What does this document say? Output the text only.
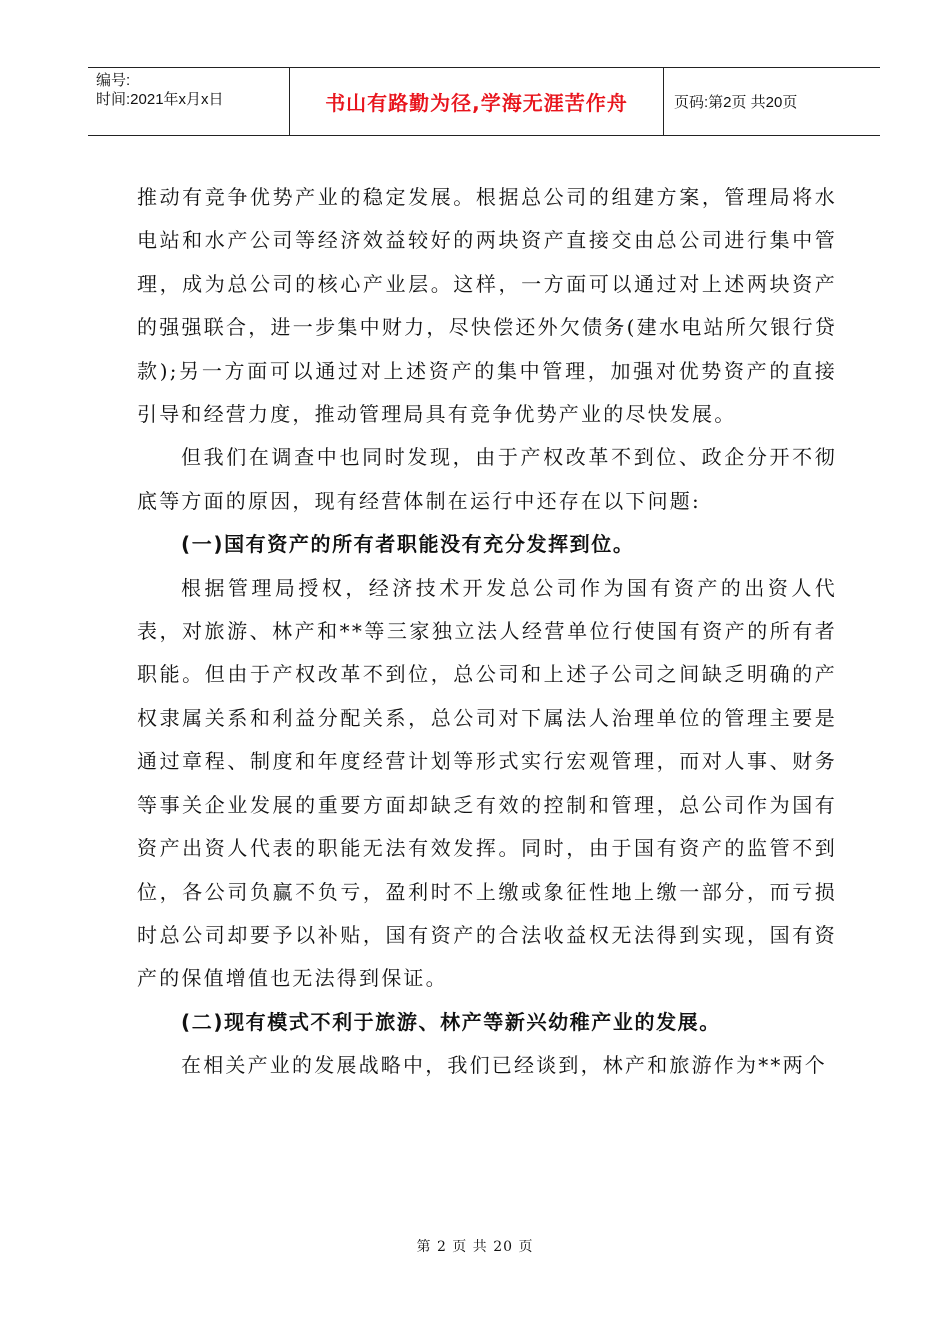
编号:
时间:2021年x月x日	书山有路勤为径,学海无涯苦作舟	页码:第2页 共20页

推动有竞争优势产业的稳定发展。根据总公司的组建方案，管理局将水电站和水产公司等经济效益较好的两块资产直接交由总公司进行集中管理，成为总公司的核心产业层。这样，一方面可以通过对上述两块资产的强强联合，进一步集中财力，尽快偿还外欠债务(建水电站所欠银行贷款);另一方面可以通过对上述资产的集中管理，加强对优势资产的直接引导和经营力度，推动管理局具有竞争优势产业的尽快发展。

但我们在调查中也同时发现，由于产权改革不到位、政企分开不彻底等方面的原因，现有经营体制在运行中还存在以下问题:

(一)国有资产的所有者职能没有充分发挥到位。

根据管理局授权，经济技术开发总公司作为国有资产的出资人代表，对旅游、林产和**等三家独立法人经营单位行使国有资产的所有者职能。但由于产权改革不到位，总公司和上述子公司之间缺乏明确的产权隶属关系和利益分配关系，总公司对下属法人治理单位的管理主要是通过章程、制度和年度经营计划等形式实行宏观管理，而对人事、财务等事关企业发展的重要方面却缺乏有效的控制和管理，总公司作为国有资产出资人代表的职能无法有效发挥。同时，由于国有资产的监管不到位，各公司负赢不负亏，盈利时不上缴或象征性地上缴一部分，而亏损时总公司却要予以补贴，国有资产的合法收益权无法得到实现，国有资产的保值增值也无法得到保证。

(二)现有模式不利于旅游、林产等新兴幼稚产业的发展。

在相关产业的发展战略中，我们已经谈到，林产和旅游作为**两个

第 2 页 共 20 页
